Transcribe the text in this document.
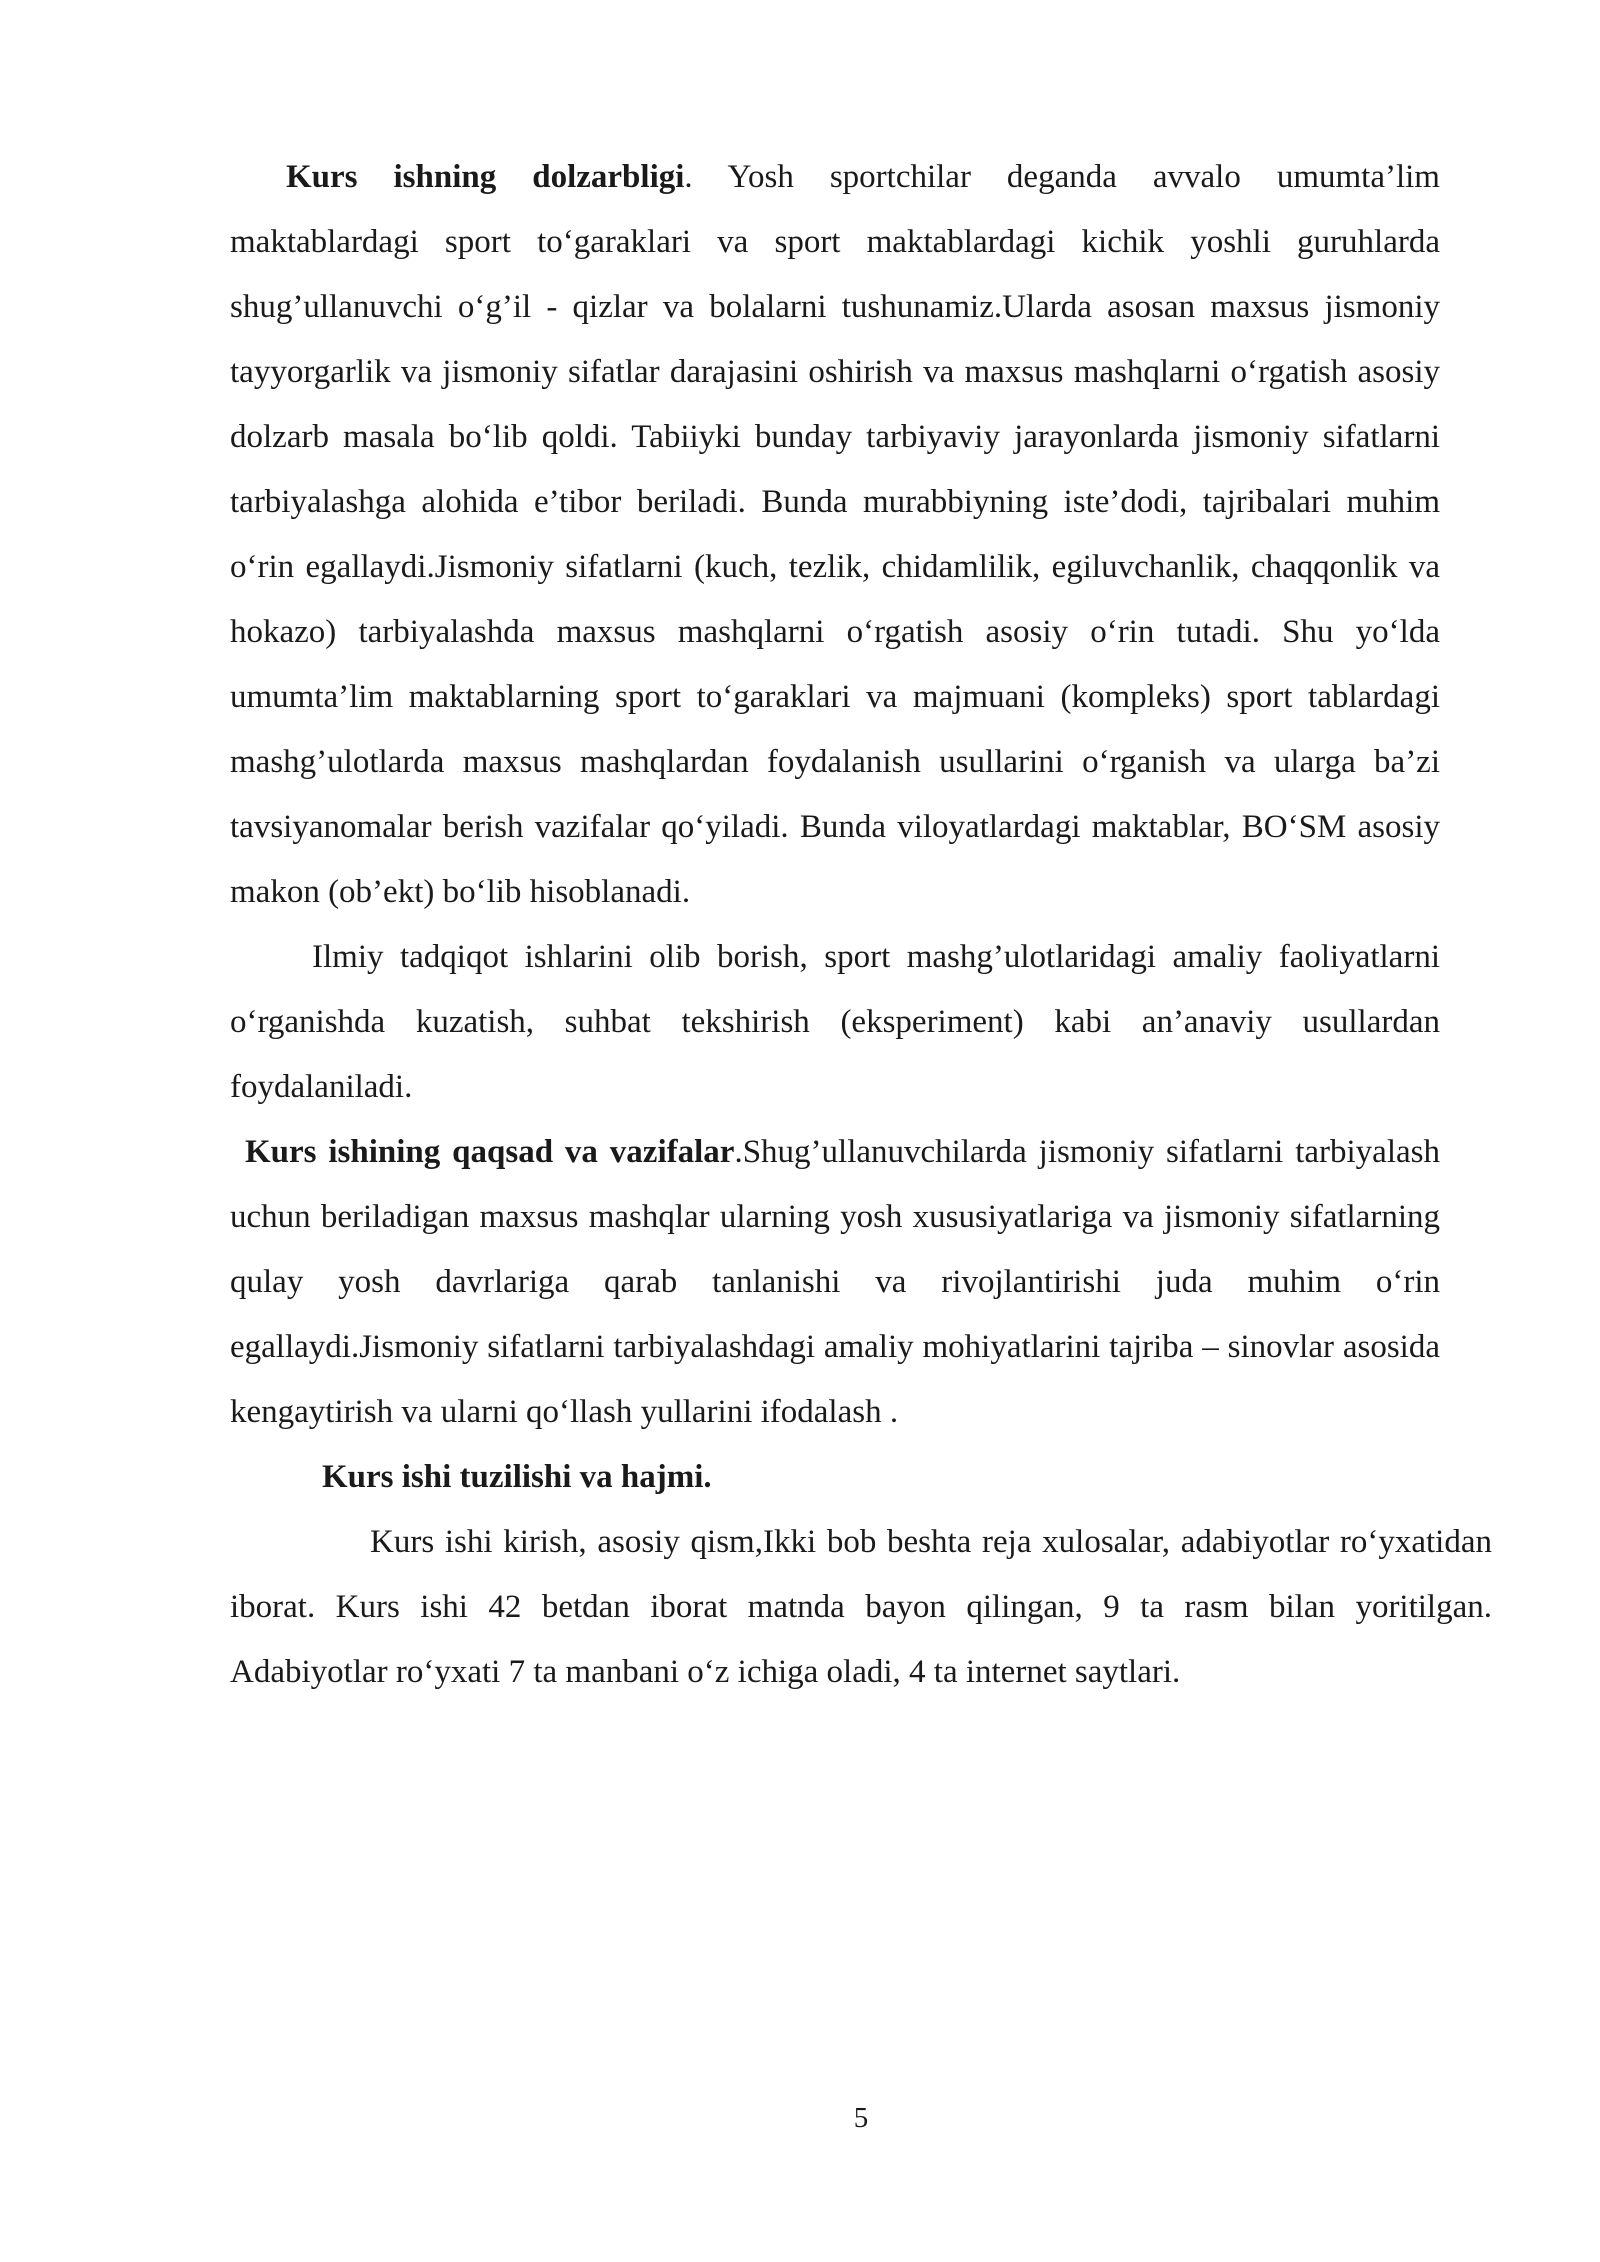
Kurs ishning dolzarbligi. Yosh sportchilar deganda avvalo umumta’lim maktablardagi sport to‘garaklari va sport maktablardagi kichik yoshli guruhlarda shug’ullanuvchi o‘g’il - qizlar va bolalarni tushunamiz.Ularda asosan maxsus jismoniy tayyorgarlik va jismoniy sifatlar darajasini oshirish va maxsus mashqlarni o‘rgatish asosiy dolzarb masala bo‘lib qoldi. Tabiiyki bunday tarbiyaviy jarayonlarda jismoniy sifatlarni tarbiyalashga alohida e’tibor beriladi. Bunda murabbiyning iste’dodi, tajribalari muhim o‘rin egallaydi.Jismoniy sifatlarni (kuch, tezlik, chidamlilik, egiluvchanlik, chaqqonlik va hokazo) tarbiyalashda maxsus mashqlarni o‘rgatish asosiy o‘rin tutadi. Shu yo‘lda umumta’lim maktablarning sport to‘garaklari va majmuani (kompleks) sport tablardagi mashg’ulotlarda maxsus mashqlardan foydalanish usullarini o‘rganish va ularga ba’zi tavsiyanomalar berish vazifalar qo‘yiladi. Bunda viloyatlardagi maktablar, BO‘SM asosiy makon (ob’ekt) bo‘lib hisoblanadi.

Ilmiy tadqiqot ishlarini olib borish, sport mashg’ulotlaridagi amaliy faoliyatlarni o‘rganishda kuzatish, suhbat tekshirish (eksperiment) kabi an’anaviy usullardan foydalaniladi.

Kurs ishining qaqsad va vazifalar.Shug’ullanuvchilarda jismoniy sifatlarni tarbiyalash uchun beriladigan maxsus mashqlar ularning yosh xususiyatlariga va jismoniy sifatlarning qulay yosh davrlariga qarab tanlanishi va rivojlantirishi juda muhim o‘rin egallaydi.Jismoniy sifatlarni tarbiyalashdagi amaliy mohiyatlarini tajriba – sinovlar asosida kengaytirish va ularni qo‘llash yullarini ifodalash .

Kurs ishi tuzilishi va hajmi.

Kurs ishi kirish, asosiy qism,Ikki bob beshta reja xulosalar, adabiyotlar ro‘yxatidan iborat. Kurs ishi 42 betdan iborat matnda bayon qilingan, 9 ta rasm bilan yoritilgan. Adabiyotlar ro‘yxati 7 ta manbani o‘z ichiga oladi, 4 ta internet saytlari.

5
